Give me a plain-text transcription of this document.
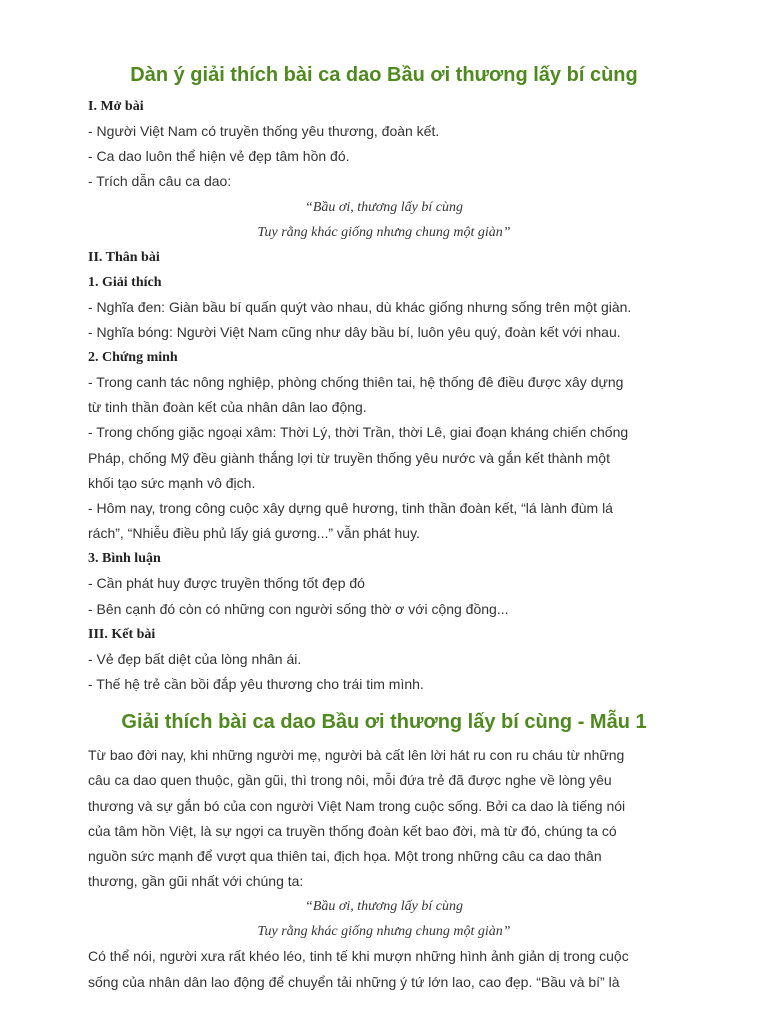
Dàn ý giải thích bài ca dao Bầu ơi thương lấy bí cùng
I. Mở bài
- Người Việt Nam có truyền thống yêu thương, đoàn kết.
- Ca dao luôn thể hiện vẻ đẹp tâm hồn đó.
- Trích dẫn câu ca dao:
“Bầu ơi, thương lấy bí cùng
Tuy rằng khác giống nhưng chung một giàn”
II. Thân bài
1. Giải thích
- Nghĩa đen: Giàn bầu bí quấn quýt vào nhau, dù khác giống nhưng sống trên một giàn.
- Nghĩa bóng: Người Việt Nam cũng như dây bầu bí, luôn yêu quý, đoàn kết với nhau.
2. Chứng minh
- Trong canh tác nông nghiệp, phòng chống thiên tai, hệ thống đê điều được xây dựng
từ tinh thần đoàn kết của nhân dân lao động.
- Trong chống giặc ngoại xâm: Thời Lý, thời Trần, thời Lê, giai đoạn kháng chiến chống
Pháp, chống Mỹ đều giành thắng lợi từ truyền thống yêu nước và gắn kết thành một
khối tạo sức mạnh vô địch.
- Hôm nay, trong công cuộc xây dựng quê hương, tinh thần đoàn kết, “lá lành đùm lá
rách”, “Nhiễu điều phủ lấy giá gương...” vẫn phát huy.
3. Bình luận
- Cần phát huy được truyền thống tốt đẹp đó
- Bên cạnh đó còn có những con người sống thờ ơ với cộng đồng...
III. Kết bài
- Vẻ đẹp bất diệt của lòng nhân ái.
- Thế hệ trẻ cần bồi đắp yêu thương cho trái tim mình.
Giải thích bài ca dao Bầu ơi thương lấy bí cùng - Mẫu 1
Từ bao đời nay, khi những người mẹ, người bà cất lên lời hát ru con ru cháu từ những
câu ca dao quen thuộc, gần gũi, thì trong nôi, mỗi đứa trẻ đã được nghe về lòng yêu
thương và sự gắn bó của con người Việt Nam trong cuộc sống. Bởi ca dao là tiếng nói
của tâm hồn Việt, là sự ngợi ca truyền thống đoàn kết bao đời, mà từ đó, chúng ta có
nguồn sức mạnh để vượt qua thiên tai, địch họa. Một trong những câu ca dao thân
thương, gần gũi nhất với chúng ta:
“Bầu ơi, thương lấy bí cùng
Tuy rằng khác giống nhưng chung một giàn”
Có thể nói, người xưa rất khéo léo, tinh tế khi mượn những hình ảnh giản dị trong cuộc
sống của nhân dân lao động để chuyển tải những ý tứ lớn lao, cao đẹp. “Bầu và bí” là
